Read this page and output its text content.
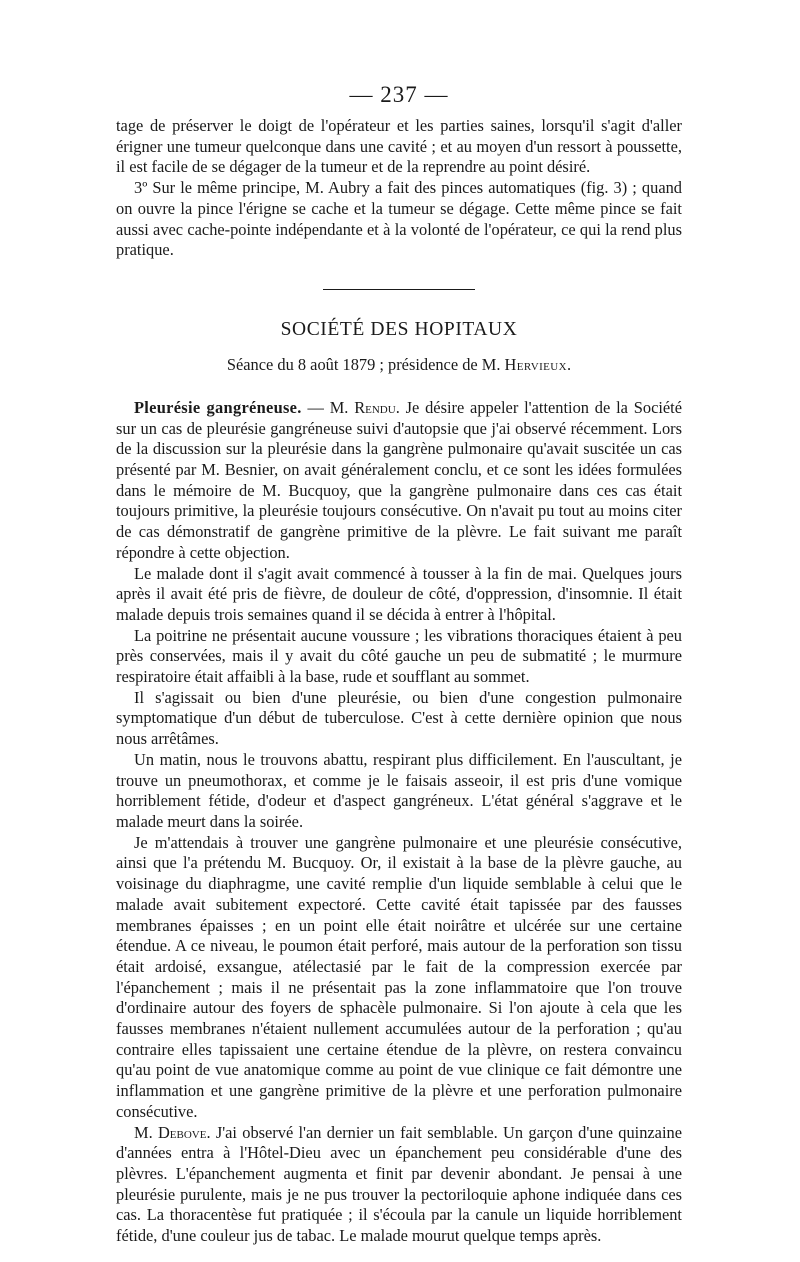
— 237 —

tage de préserver le doigt de l'opérateur et les parties saines, lorsqu'il s'agit d'aller érigner une tumeur quelconque dans une cavité ; et au moyen d'un ressort à poussette, il est facile de se dégager de la tumeur et de la reprendre au point désiré.

3º Sur le même principe, M. Aubry a fait des pinces automatiques (fig. 3) ; quand on ouvre la pince l'érigne se cache et la tumeur se dégage. Cette même pince se fait aussi avec cache-pointe indépendante et à la volonté de l'opérateur, ce qui la rend plus pratique.

SOCIÉTÉ DES HOPITAUX
Séance du 8 août 1879 ; présidence de M. Hervieux.

Pleurésie gangréneuse. — M. Rendu. Je désire appeler l'attention de la Société sur un cas de pleurésie gangréneuse suivi d'autopsie que j'ai observé récemment. Lors de la discussion sur la pleurésie dans la gangrène pulmonaire qu'avait suscitée un cas présenté par M. Besnier, on avait généralement conclu, et ce sont les idées formulées dans le mémoire de M. Bucquoy, que la gangrène pulmonaire dans ces cas était toujours primitive, la pleurésie toujours consécutive. On n'avait pu tout au moins citer de cas démonstratif de gangrène primitive de la plèvre. Le fait suivant me paraît répondre à cette objection.

Le malade dont il s'agit avait commencé à tousser à la fin de mai. Quelques jours après il avait été pris de fièvre, de douleur de côté, d'oppression, d'insomnie. Il était malade depuis trois semaines quand il se décida à entrer à l'hôpital.

La poitrine ne présentait aucune voussure ; les vibrations thoraciques étaient à peu près conservées, mais il y avait du côté gauche un peu de submatité ; le murmure respiratoire était affaibli à la base, rude et soufflant au sommet.

Il s'agissait ou bien d'une pleurésie, ou bien d'une congestion pulmonaire symptomatique d'un début de tuberculose. C'est à cette dernière opinion que nous nous arrêtâmes.

Un matin, nous le trouvons abattu, respirant plus difficilement. En l'auscultant, je trouve un pneumothorax, et comme je le faisais asseoir, il est pris d'une vomique horriblement fétide, d'odeur et d'aspect gangréneux. L'état général s'aggrave et le malade meurt dans la soirée.

Je m'attendais à trouver une gangrène pulmonaire et une pleurésie consécutive, ainsi que l'a prétendu M. Bucquoy. Or, il existait à la base de la plèvre gauche, au voisinage du diaphragme, une cavité remplie d'un liquide semblable à celui que le malade avait subitement expectoré. Cette cavité était tapissée par des fausses membranes épaisses ; en un point elle était noirâtre et ulcérée sur une certaine étendue. A ce niveau, le poumon était perforé, mais autour de la perforation son tissu était ardoisé, exsangue, atélectasié par le fait de la compression exercée par l'épanchement ; mais il ne présentait pas la zone inflammatoire que l'on trouve d'ordinaire autour des foyers de sphacèle pulmonaire. Si l'on ajoute à cela que les fausses membranes n'étaient nullement accumulées autour de la perforation ; qu'au contraire elles tapissaient une certaine étendue de la plèvre, on restera convaincu qu'au point de vue anatomique comme au point de vue clinique ce fait démontre une inflammation et une gangrène primitive de la plèvre et une perforation pulmonaire consécutive.

M. Debove. J'ai observé l'an dernier un fait semblable. Un garçon d'une quinzaine d'années entra à l'Hôtel-Dieu avec un épanchement peu considérable d'une des plèvres. L'épanchement augmenta et finit par devenir abondant. Je pensai à une pleurésie purulente, mais je ne pus trouver la pectoriloquie aphone indiquée dans ces cas. La thoracentèse fut pratiquée ; il s'écoula par la canule un liquide horriblement fétide, d'une couleur jus de tabac. Le malade mourut quelque temps après.
